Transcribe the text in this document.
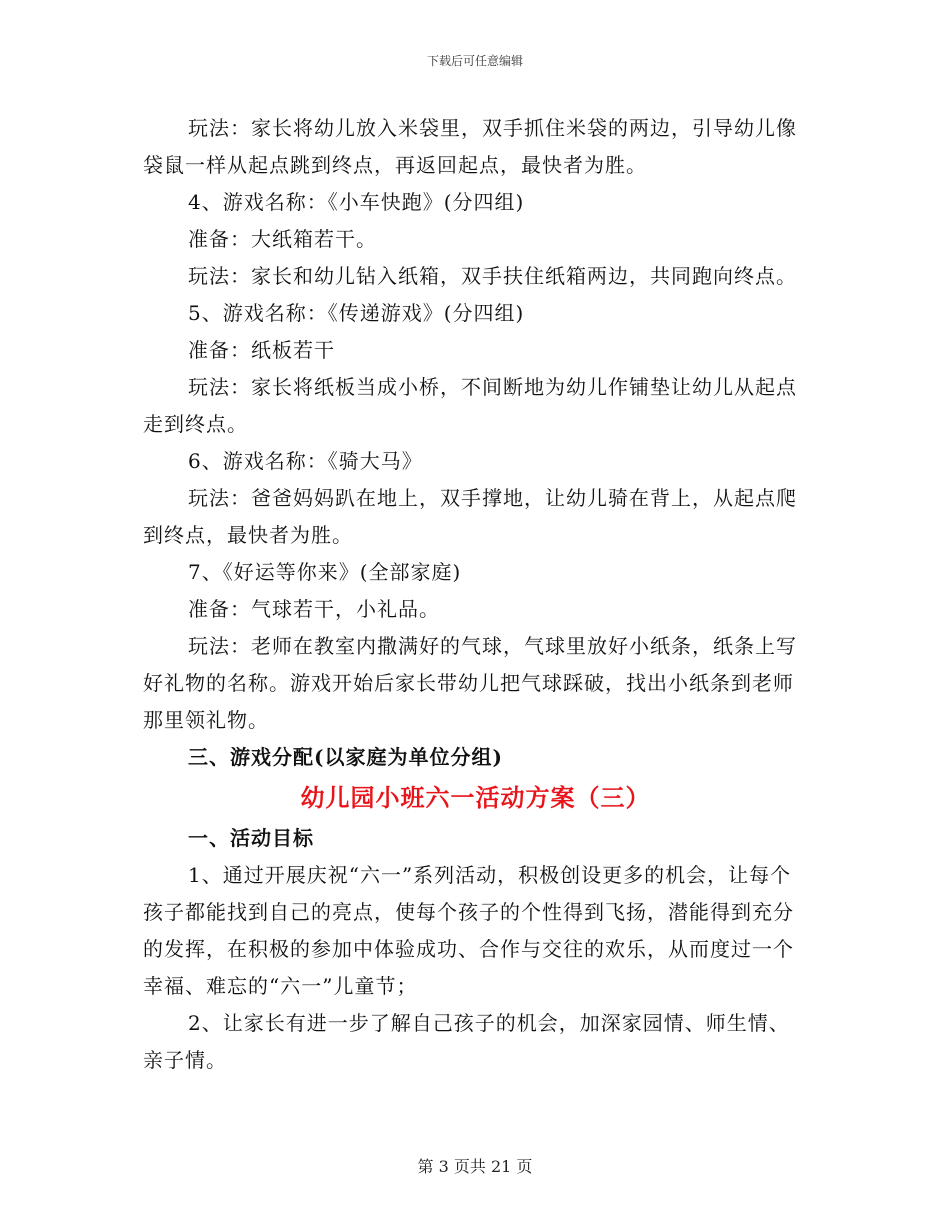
下载后可任意编辑

玩法：家长将幼儿放入米袋里，双手抓住米袋的两边，引导幼儿像袋鼠一样从起点跳到终点，再返回起点，最快者为胜。

4、游戏名称：《小车快跑》(分四组)

准备：大纸箱若干。

玩法：家长和幼儿钻入纸箱，双手扶住纸箱两边，共同跑向终点。

5、游戏名称：《传递游戏》(分四组)

准备：纸板若干

玩法：家长将纸板当成小桥，不间断地为幼儿作铺垫让幼儿从起点走到终点。

6、游戏名称：《骑大马》

玩法：爸爸妈妈趴在地上，双手撑地，让幼儿骑在背上，从起点爬到终点，最快者为胜。

7、《好运等你来》(全部家庭)

准备：气球若干，小礼品。

玩法：老师在教室内撒满好的气球，气球里放好小纸条，纸条上写好礼物的名称。游戏开始后家长带幼儿把气球踩破，找出小纸条到老师那里领礼物。

三、游戏分配(以家庭为单位分组)

幼儿园小班六一活动方案（三）

一、活动目标

1、通过开展庆祝“六一”系列活动，积极创设更多的机会，让每个孩子都能找到自己的亮点，使每个孩子的个性得到飞扬，潜能得到充分的发挥，在积极的参加中体验成功、合作与交往的欢乐，从而度过一个幸福、难忘的“六一”儿童节；

2、让家长有进一步了解自己孩子的机会，加深家园情、师生情、亲子情。

第 3 页共 21 页
